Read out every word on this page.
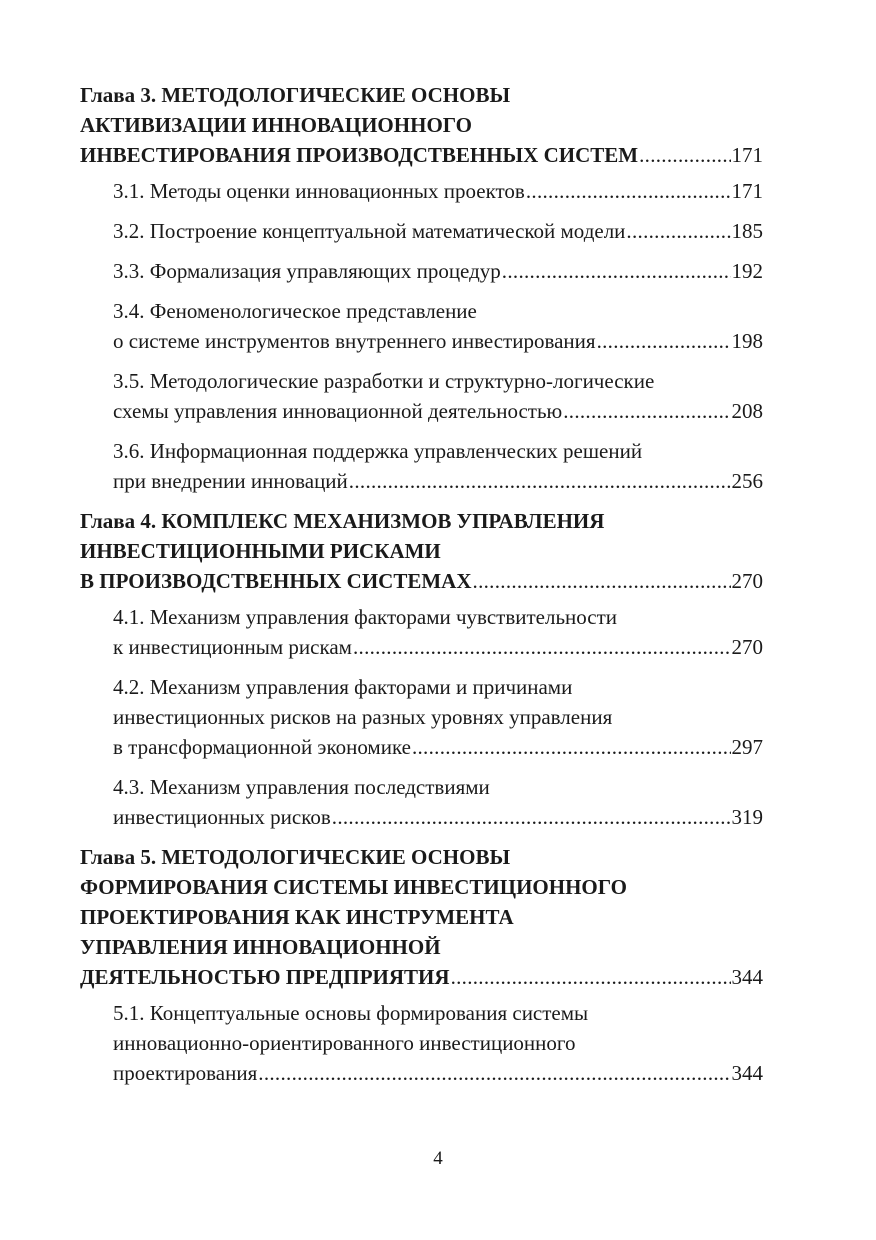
Глава 3. МЕТОДОЛОГИЧЕСКИЕ ОСНОВЫ
АКТИВИЗАЦИИ ИННОВАЦИОННОГО
ИНВЕСТИРОВАНИЯ ПРОИЗВОДСТВЕННЫХ СИСТЕМ .....	171
3.1. Методы оценки инновационных проектов .....	171
3.2. Построение концептуальной математической модели .....	185
3.3. Формализация управляющих процедур .....	192
3.4. Феноменологическое представление
о системе инструментов внутреннего инвестирования .....	198
3.5. Методологические разработки и структурно-логические
схемы управления инновационной деятельностью .....	208
3.6. Информационная поддержка управленческих решений
при внедрении инноваций .....	256
Глава 4. КОМПЛЕКС МЕХАНИЗМОВ УПРАВЛЕНИЯ
ИНВЕСТИЦИОННЫМИ РИСКАМИ
В ПРОИЗВОДСТВЕННЫХ СИСТЕМАХ .....	270
4.1. Механизм управления факторами чувствительности
к инвестиционным рискам .....	270
4.2. Механизм управления факторами и причинами
инвестиционных рисков на разных уровнях управления
в трансформационной экономике .....	297
4.3. Механизм управления последствиями
инвестиционных рисков .....	319
Глава 5. МЕТОДОЛОГИЧЕСКИЕ ОСНОВЫ
ФОРМИРОВАНИЯ СИСТЕМЫ ИНВЕСТИЦИОННОГО
ПРОЕКТИРОВАНИЯ КАК ИНСТРУМЕНТА
УПРАВЛЕНИЯ ИННОВАЦИОННОЙ
ДЕЯТЕЛЬНОСТЬЮ ПРЕДПРИЯТИЯ .....	344
5.1. Концептуальные основы формирования системы
инновационно-ориентированного инвестиционного
проектирования .....	344
4
